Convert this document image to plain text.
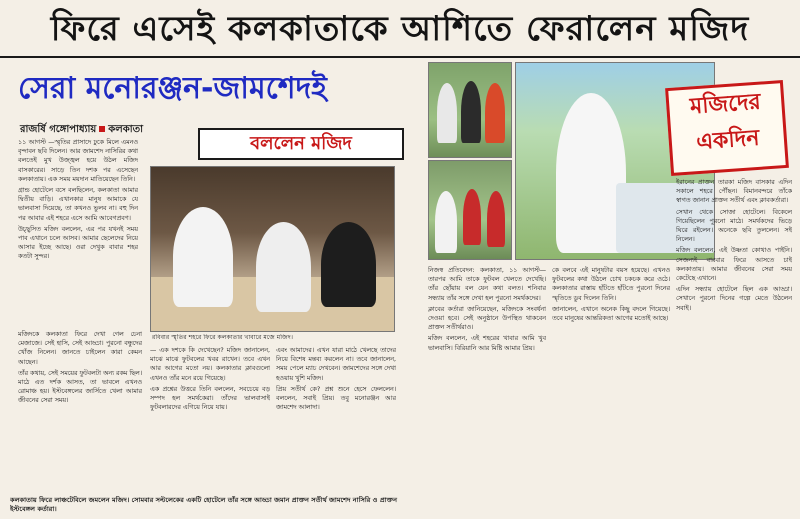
ফিরে এসেই কলকাতাকে আশিতে ফেরালেন মজিদ
সেরা মনোরঞ্জন-জামশেদই
রাজর্ষি গঙ্গোপাধ্যায় কলকাতা
বললেন মজিদ

১১ আগস্ট —স্মৃতির প্রাসাদে ঢুকে মিলে এমনও বৃন্দাবন ছবি দিলেন। আর জামশেদ নাসিরির কথা বলতেই মুখ উজ্জ্বল হয়ে উঠল মজিদ বাসকারের। সাড়ে তিন দশক পর এসেছেন কলকাতায়। এক সময় ময়দান মাতিয়েছেন তিনি।

গ্রান্ড হোটেলে বসে বলছিলেন, কলকাতা আমার দ্বিতীয় বাড়ি। এখানকার মানুষ আমাকে যে ভালবাসা দিয়েছে, তা কখনও ভুলব না। বহু দিন পর আবার এই শহরে এসে আমি আবেগপ্রবণ।

উচ্ছ্বসিত মজিদ বললেন, এর পর যখনই সময় পাব এখানে চলে আসব। আমার ছেলেদের নিয়ে আসার ইচ্ছে আছে। ওরা দেখুক বাবার শহর কতটা সুন্দর।

রবিবার স্মৃতির শহরে ফিরে কলকাতার খাবারে মজে মজিদ।

মজিদকে কলকাতা ফিরে দেখা গেল চেনা মেজাজে। সেই হাসি, সেই আড্ডা। পুরনো বন্ধুদের খোঁজ নিলেন। জানতে চাইলেন কারা কেমন আছেন।

তাঁর কথায়, সেই সময়ের ফুটবলটা অন্য রকম ছিল। মাঠে এত দর্শক আসত, তা ভাবলে এখনও রোমাঞ্চ হয়। ইস্টবেঙ্গলের জার্সিতে খেলা আমার জীবনের সেরা সময়।

— এক দশকে কি দেখেছেন? মজিদ জানালেন, মাঝে মাঝে ফুটবলের খবর রাখেন। তবে এখন আর আগের মতো নয়। কলকাতার ক্লাবগুলো এখনও তাঁর মনে রয়ে গিয়েছে।

এক প্রশ্নের উত্তরে তিনি বললেন, সবচেয়ে বড় সম্পদ হল সমর্থকেরা। তাঁদের ভালবাসাই ফুটবলারদের এগিয়ে নিয়ে যায়।

এবং আমাদের। এখন যারা মাঠে খেলছে তাদের নিয়ে বিশেষ মন্তব্য করলেন না। তবে জানালেন, সময় পেলে ম্যাচ দেখবেন। জামশেদের সঙ্গে দেখা হওয়ায় খুশি মজিদ।

প্রিয় সতীর্থ কে? প্রশ্ন শুনে হেসে ফেললেন। বললেন, সবাই প্রিয়। তবু মনোরঞ্জন আর জামশেদ আলাদা।

মজিদের একদিন

নিজস্ব প্রতিবেদন: কলকাতা, ১১ আগস্ট— তারপর আমি তাকে ফুটবল খেলতে দেখেছি। তাঁর ছোঁয়ায় বল যেন কথা বলত। শনিবার সন্ধ্যায় তাঁর সঙ্গে দেখা হল পুরনো সমর্থকদের।

ক্লাবের কর্তারা জানিয়েছেন, মজিদকে সংবর্ধনা দেওয়া হবে। সেই অনুষ্ঠানে উপস্থিত থাকবেন প্রাক্তন সতীর্থরাও।

মজিদ বললেন, এই শহরের খাবার আমি খুব ভালবাসি। বিরিয়ানি আর মিষ্টি আমার প্রিয়।

কে বলবে এই মানুষটার বয়স হয়েছে। এখনও ফুটবলের কথা উঠলে চোখ চকচক করে ওঠে। কলকাতার রাস্তায় হাঁটতে হাঁটতে পুরনো দিনের স্মৃতিতে ডুব দিলেন তিনি।

জানালেন, এখানে অনেক কিছু বদলে গিয়েছে। তবে মানুষের আন্তরিকতা আগের মতোই আছে।

ইরানের প্রাক্তন তারকা মজিদ বাসকার এদিন সকালে শহরে পৌঁছন। বিমানবন্দরে তাঁকে স্বাগত জানান প্রাক্তন সতীর্থ এবং ক্লাবকর্তারা।

সেখান থেকে সোজা হোটেলে। বিকেলে গিয়েছিলেন পুরনো মাঠে। সমর্থকদের ভিড়ে ঘিরে রইলেন। অনেকে ছবি তুললেন। সই নিলেন।

মজিদ বললেন, এই উষ্ণতা কোথাও পাইনি। সেজন্যই বারবার ফিরে আসতে চাই কলকাতায়। আমার জীবনের সেরা সময় কেটেছে এখানে।

এদিন সন্ধ্যায় হোটেলে ছিল এক আড্ডা। সেখানে পুরনো দিনের গল্পে মেতে উঠলেন সবাই।

কলকাতায় ফিরে লাঞ্চটেবিলে জমলেন মজিদ। সোমবার সল্টলেকের একটি হোটেলে তাঁর সঙ্গে আড্ডা জমান প্রাক্তন সতীর্থ জামশেদ নাসিরি ও প্রাক্তন ইস্টবেঙ্গল কর্তারা।
